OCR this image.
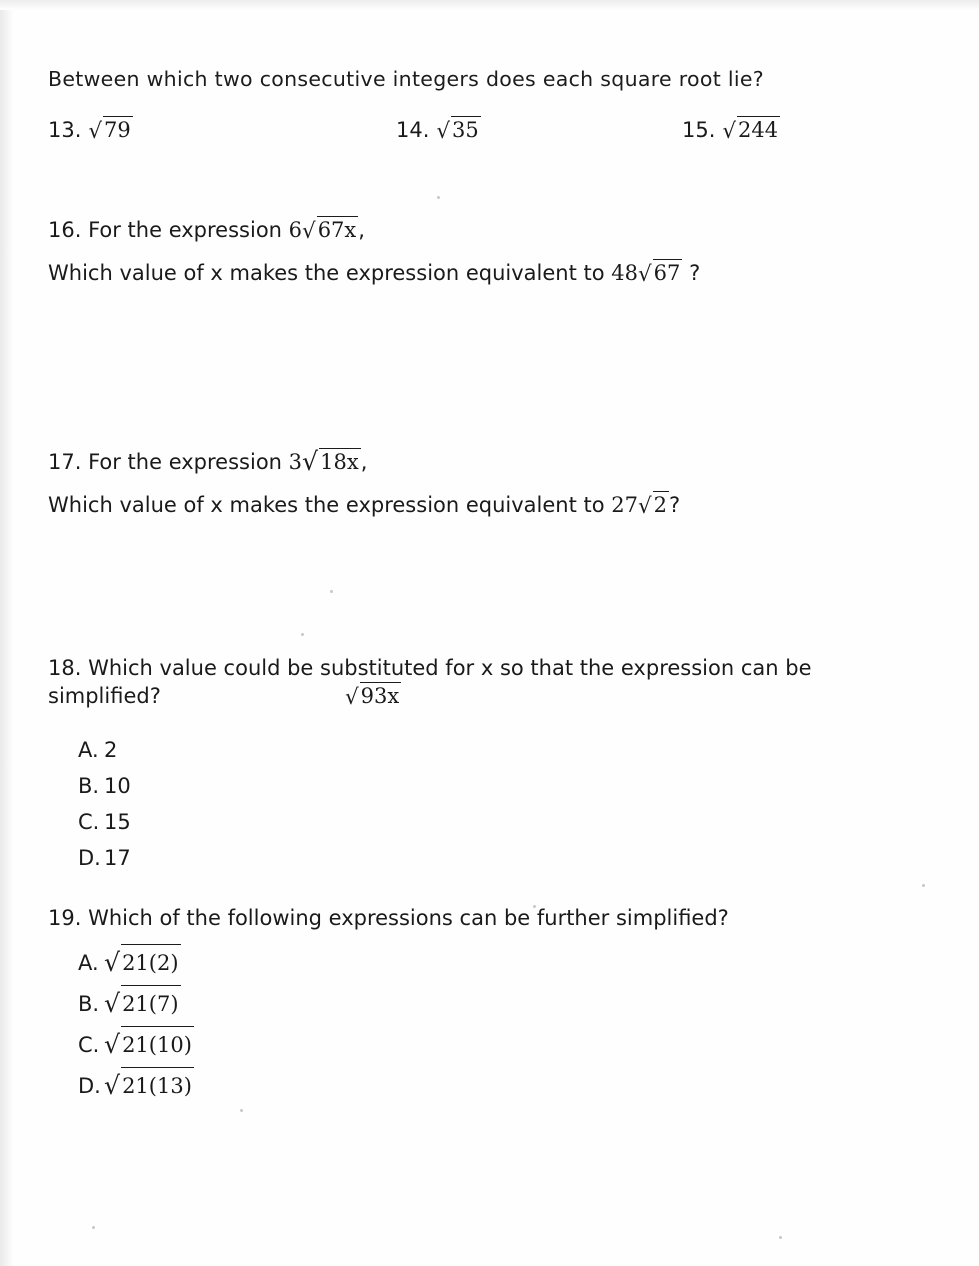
Between which two consecutive integers does each square root lie?
13. √79	14. √35	15. √244
16. For the expression 6√67x,
Which value of x makes the expression equivalent to 48√67 ?
17. For the expression 3√18x,
Which value of x makes the expression equivalent to 27√2?
18. Which value could be substituted for x so that the expression can be
simplified?	√93x
A. 2
B. 10
C. 15
D. 17
19. Which of the following expressions can be further simplified?
A. √21(2)
B. √21(7)
C. √21(10)
D. √21(13)
